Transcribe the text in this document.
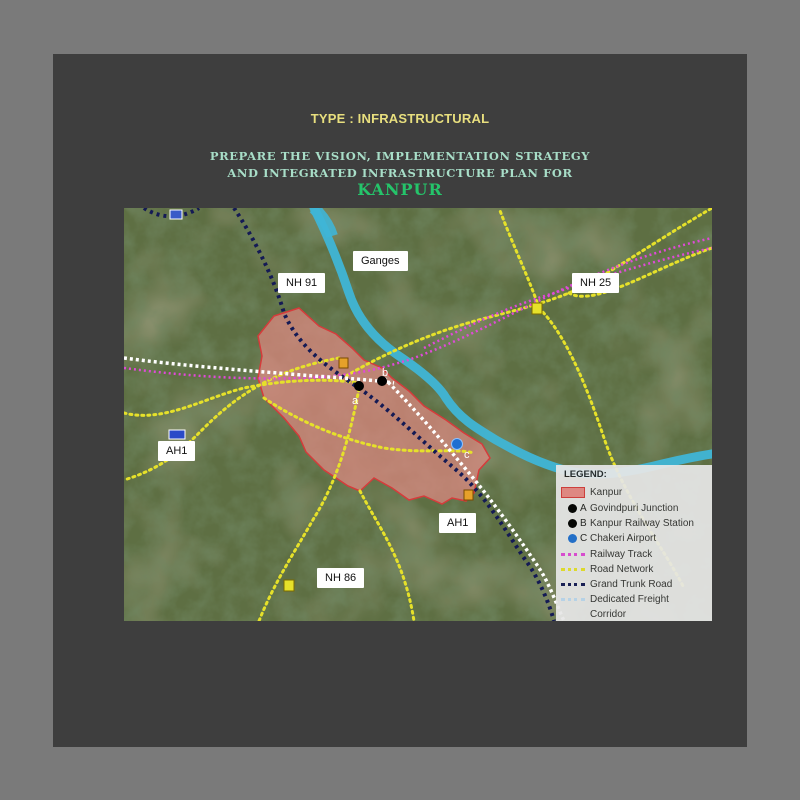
TYPE : INFRASTRUCTURAL
PREPARE THE VISION, IMPLEMENTATION STRATEGY
AND INTEGRATED INFRASTRUCTURE PLAN FOR
KANPUR
a
b
c
NH 91
Ganges
NH 25
AH1
AH1
NH 86
LEGEND:
Kanpur
A Govindpuri Junction
B Kanpur Railway Station
C Chakeri Airport
Railway Track
Road Network
Grand Trunk Road
Dedicated Freight
Corridor
